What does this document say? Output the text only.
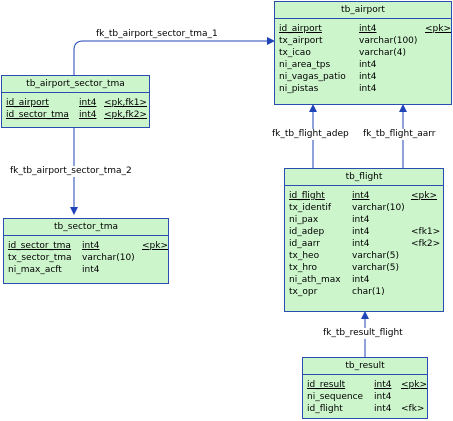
fk_tb_airport_sector_tma_1
fk_tb_airport_sector_tma_2
fk_tb_flight_adep fk_tb_flight_aarr
fk_tb_result_flight
tb_airport
id_airport	int4	<pk>
tx_airport	varchar(100)
tx_icao	varchar(4)
ni_area_tps	int4
ni_vagas_patio int4
ni_pistas	int4
tb_airport_sector_tma
id_airport	int4 <pk,fk1>
id_sector_tma int4 <pk,fk2>
tb_sector_tma
id_sector_tma int4	<pk>
tx_sector_tma varchar(10)
ni_max_acft int4
tb_flight
id_flight	int4	<pk>
tx_identif varchar(10)
ni_pax	int4
id_adep	int4	<fk1>
id_aarr	int4	<fk2>
tx_heo	varchar(5)
tx_hro	varchar(5)
ni_ath_max int4
tx_opr	char(1)
tb_result
id_result	int4 <pk>
ni_sequence int4
id_flight	int4 <fk>
